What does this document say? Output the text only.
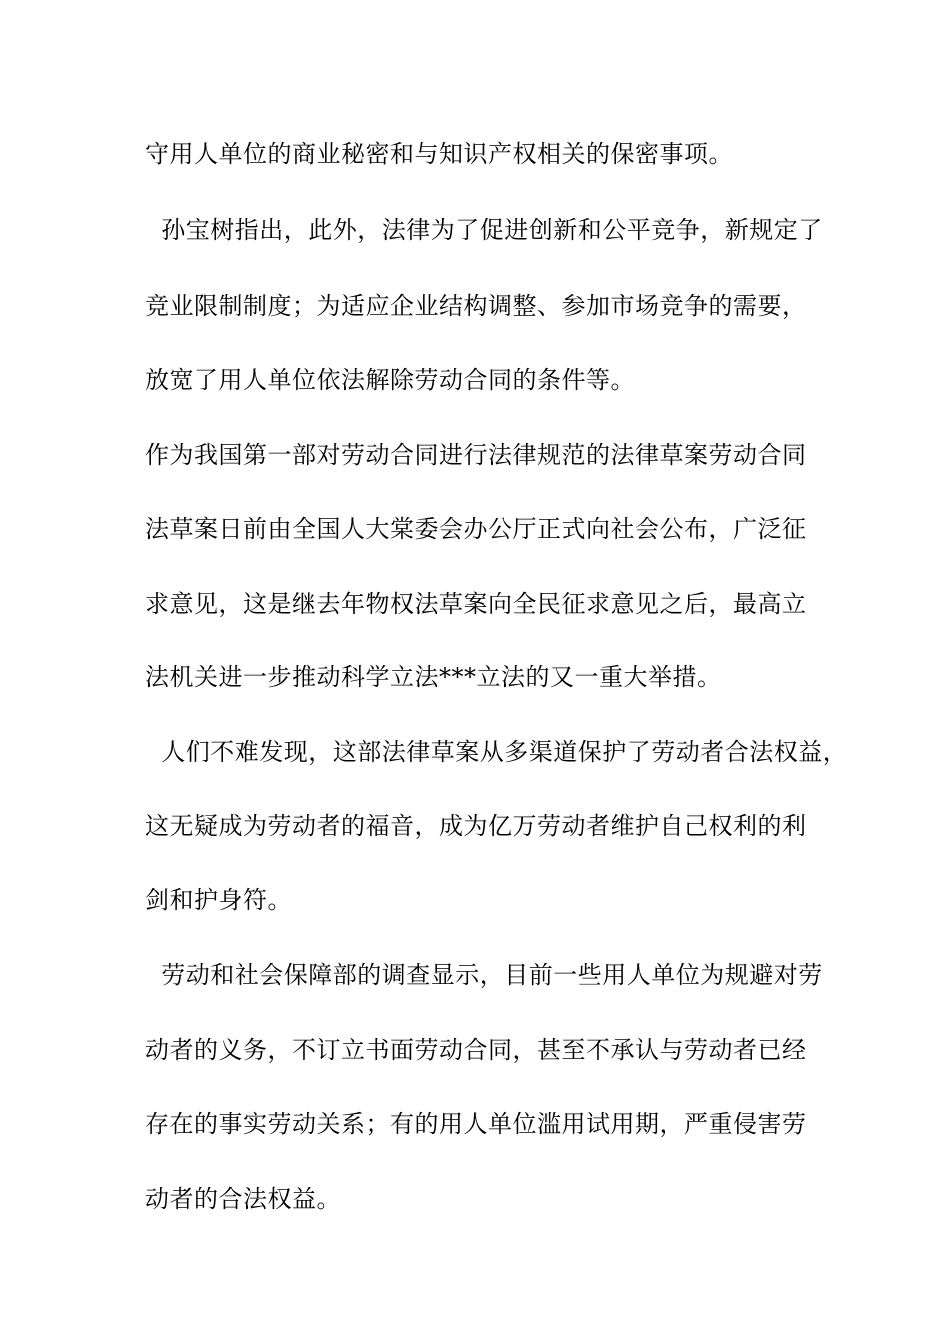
守用人单位的商业秘密和与知识产权相关的保密事项。
孙宝树指出，此外，法律为了促进创新和公平竞争，新规定了
竞业限制制度；为适应企业结构调整、参加市场竞争的需要，
放宽了用人单位依法解除劳动合同的条件等。
作为我国第一部对劳动合同进行法律规范的法律草案劳动合同
法草案日前由全国人大棠委会办公厅正式向社会公布，广泛征
求意见，这是继去年物权法草案向全民征求意见之后，最高立
法机关进一步推动科学立法***立法的又一重大举措。
人们不难发现，这部法律草案从多渠道保护了劳动者合法权益，
这无疑成为劳动者的福音，成为亿万劳动者维护自己权利的利
剑和护身符。
劳动和社会保障部的调查显示，目前一些用人单位为规避对劳
动者的义务，不订立书面劳动合同，甚至不承认与劳动者已经
存在的事实劳动关系；有的用人单位滥用试用期，严重侵害劳
动者的合法权益。
